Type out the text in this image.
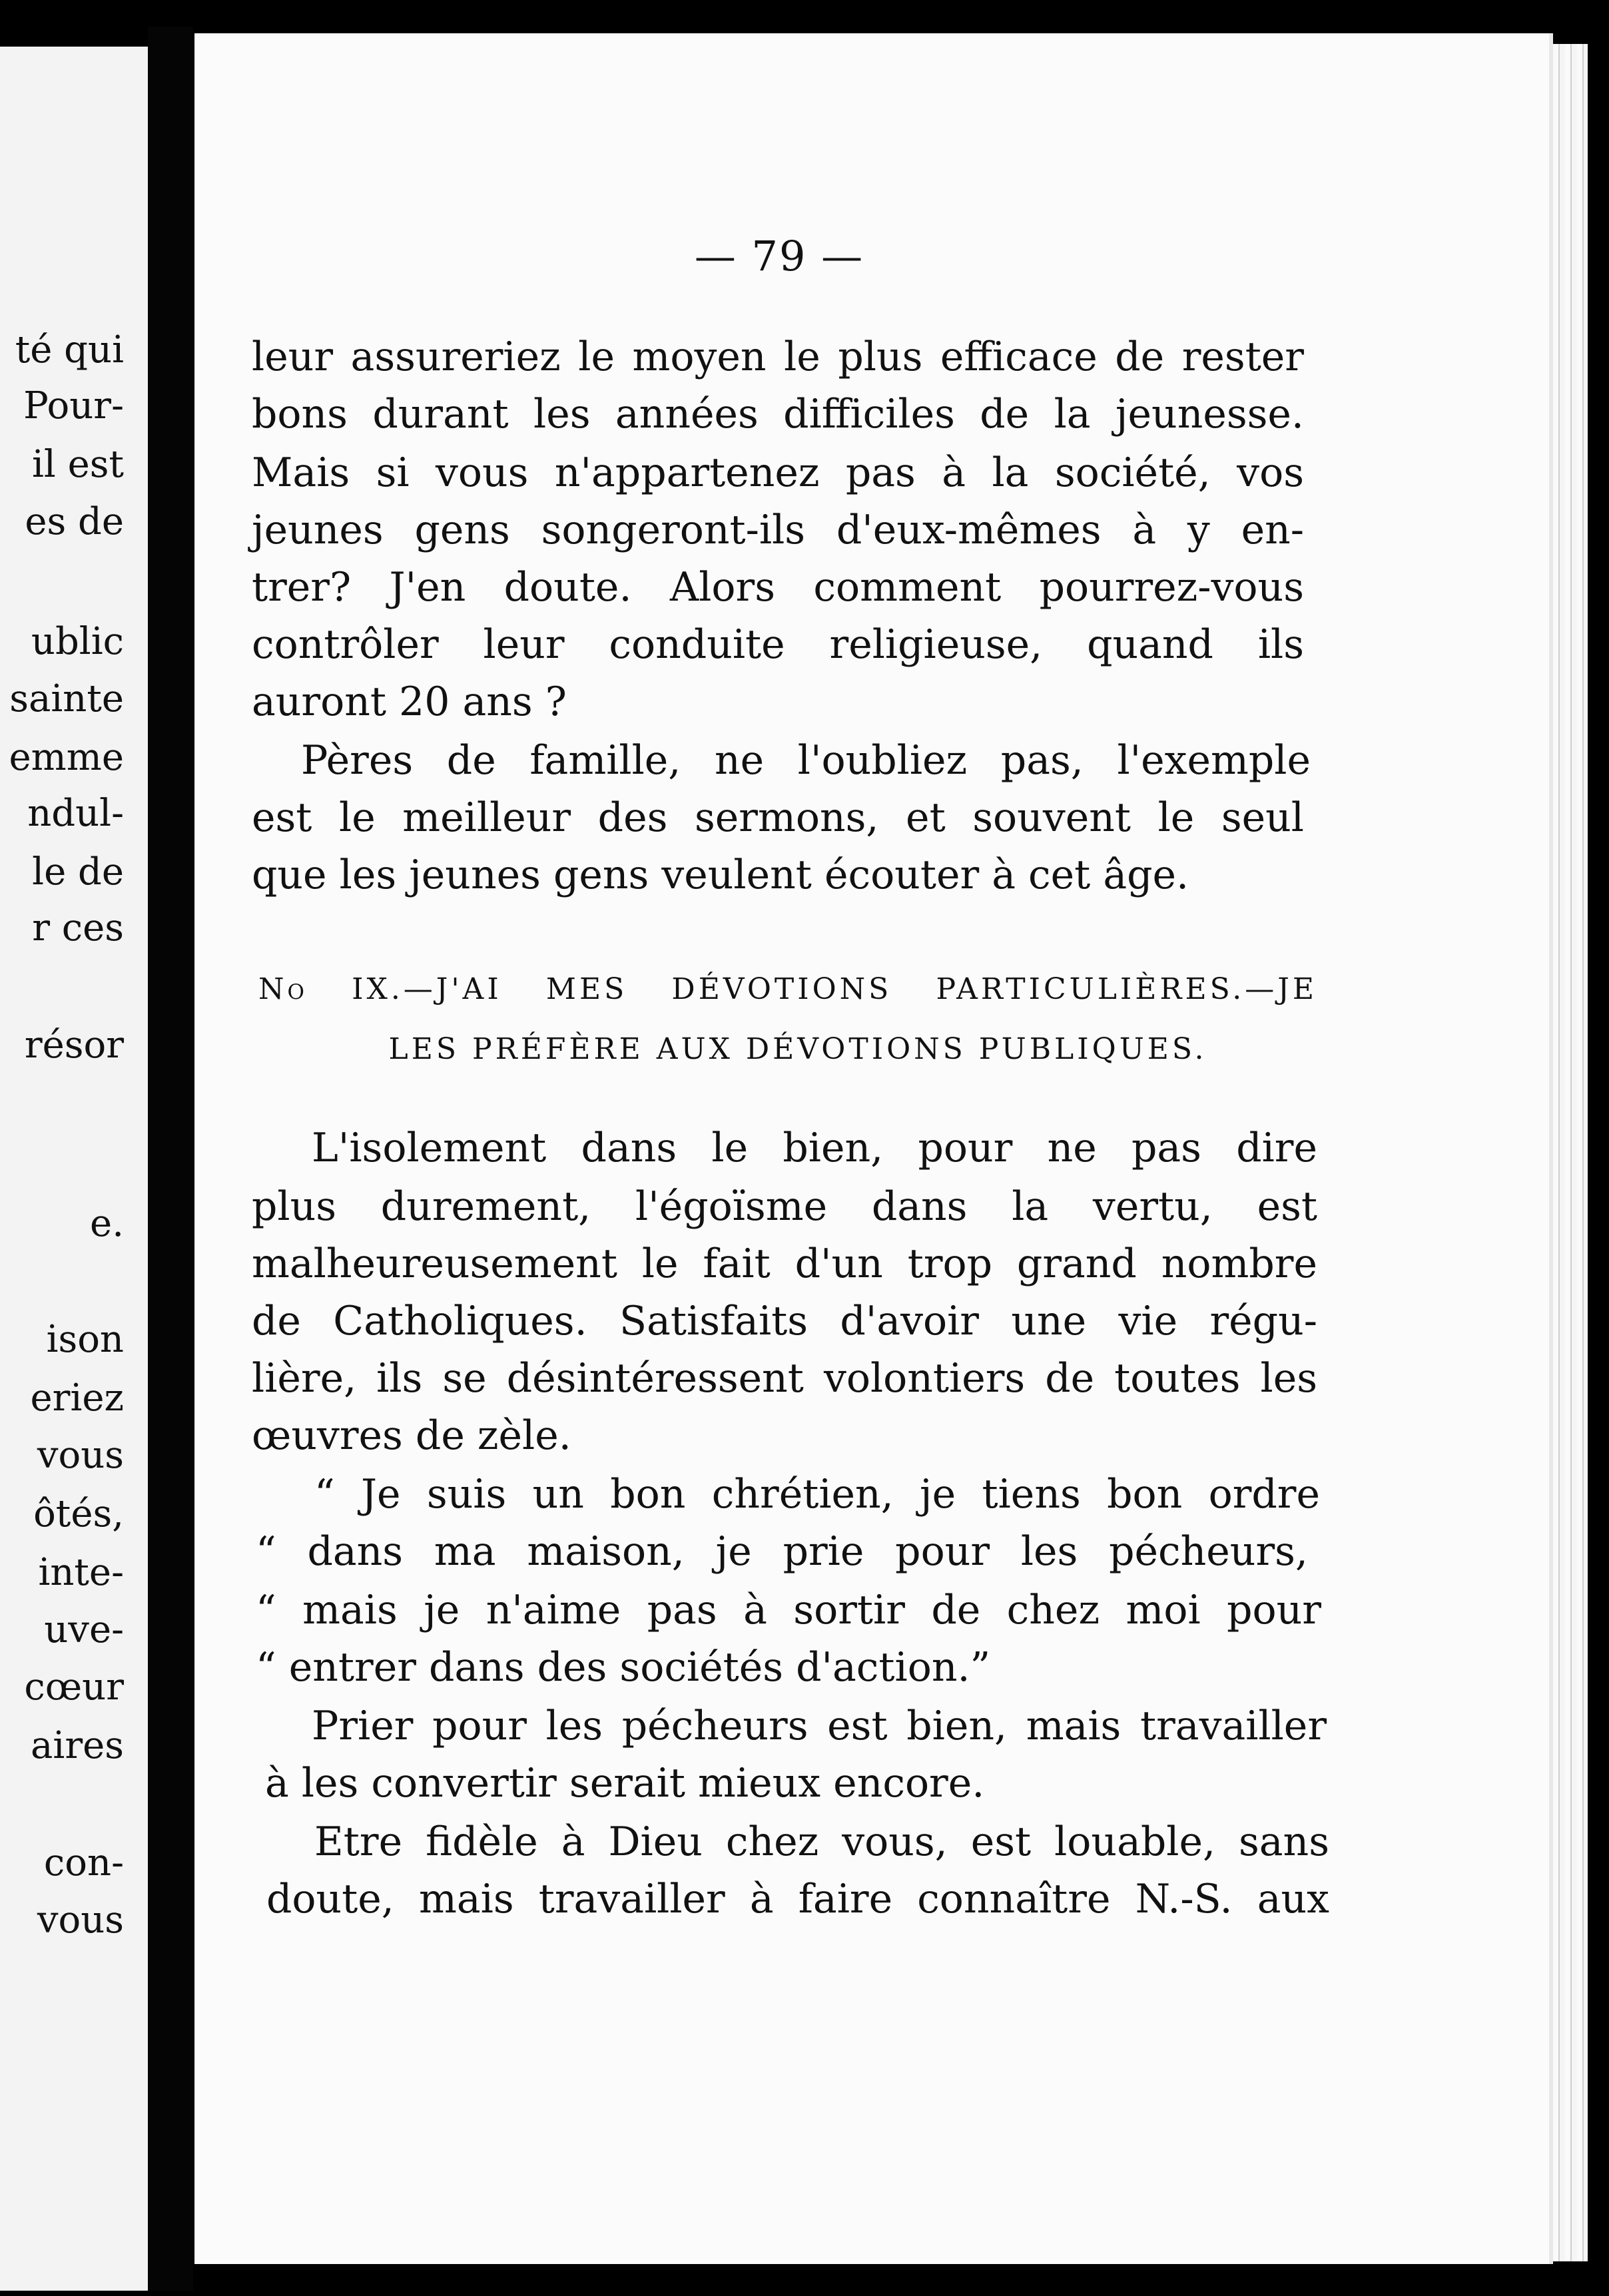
té qui
Pour-
il est
es de
ublic
sainte
emme
ndul-
le de
r ces
résor
e.
ison
eriez
vous
ôtés,
inte-
uve-
cœur
aires
con-
vous
— 79 —
leur assureriez le moyen le plus efficace de rester
bons durant les années difficiles de la jeunesse.
Mais si vous n'appartenez pas à la société, vos
jeunes gens songeront-ils d'eux-mêmes à y en-
trer? J'en doute. Alors comment pourrez-vous
contrôler leur conduite religieuse, quand ils
auront 20 ans ?
Pères de famille, ne l'oubliez pas, l'exemple
est le meilleur des sermons, et souvent le seul
que les jeunes gens veulent écouter à cet âge.
No IX.—J'AI MES DÉVOTIONS PARTICULIÈRES.—JE
LES PRÉFÈRE AUX DÉVOTIONS PUBLIQUES.
L'isolement dans le bien, pour ne pas dire
plus durement, l'égoïsme dans la vertu, est
malheureusement le fait d'un trop grand nombre
de Catholiques. Satisfaits d'avoir une vie régu-
lière, ils se désintéressent volontiers de toutes les
œuvres de zèle.
“ Je suis un bon chrétien, je tiens bon ordre
“ dans ma maison, je prie pour les pécheurs,
“ mais je n'aime pas à sortir de chez moi pour
“ entrer dans des sociétés d'action.”
Prier pour les pécheurs est bien, mais travailler
à les convertir serait mieux encore.
Etre fidèle à Dieu chez vous, est louable, sans
doute, mais travailler à faire connaître N.-S. aux
